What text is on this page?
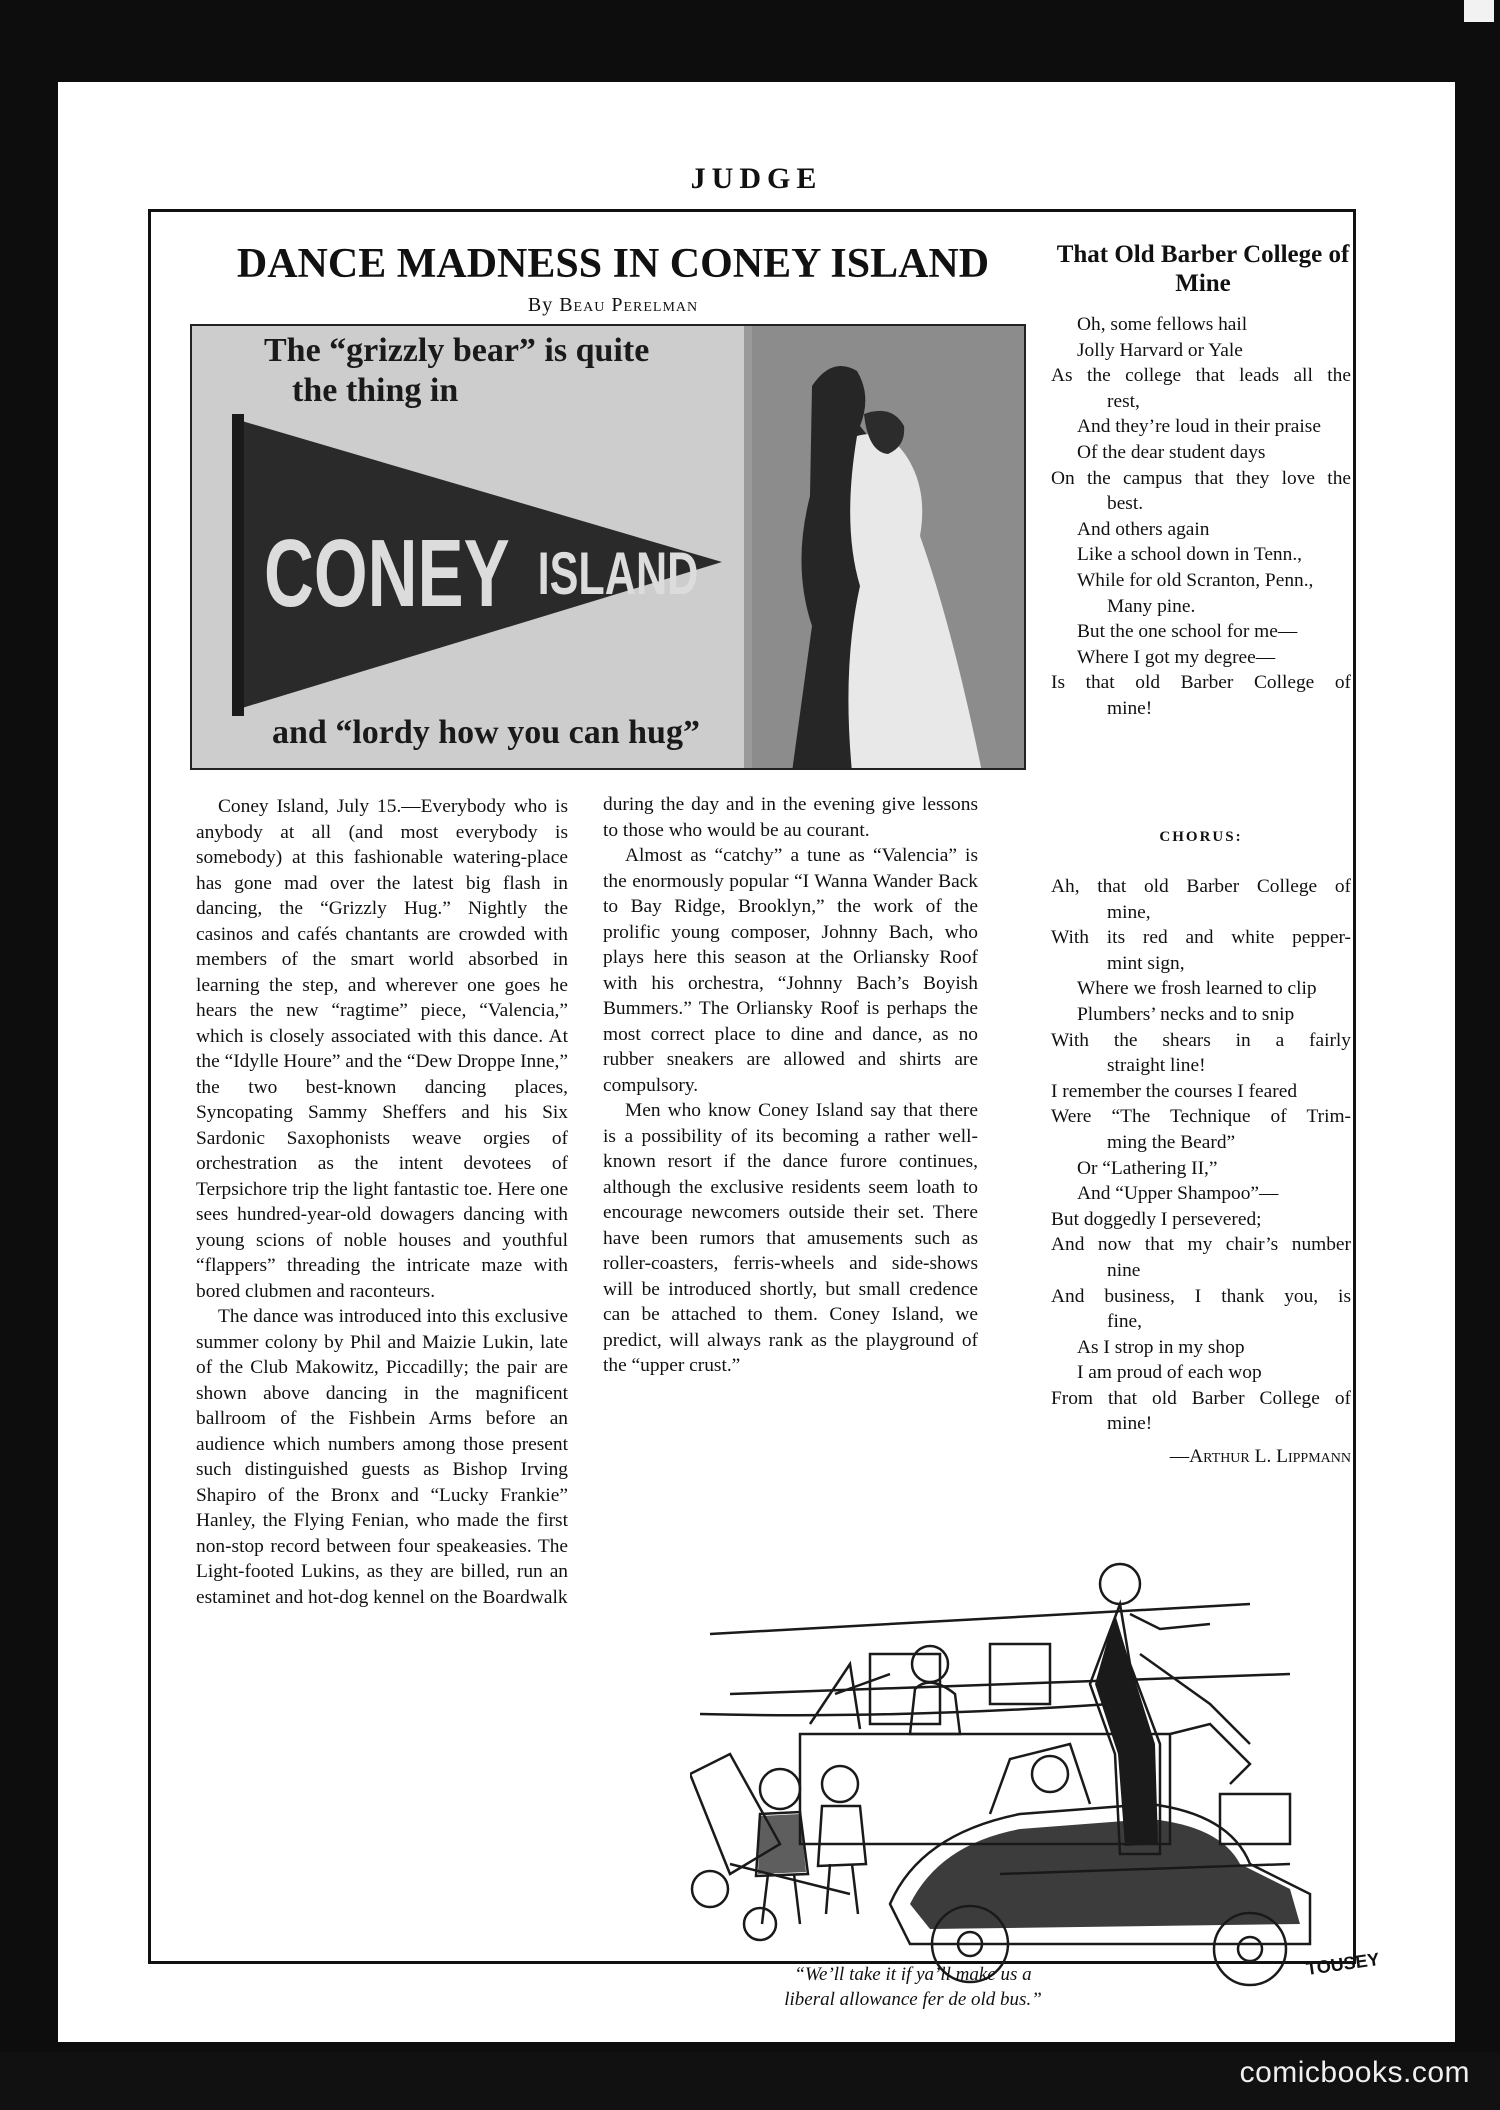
JUDGE
DANCE MADNESS IN CONEY ISLAND
By Beau Perelman
CONEY ISLAND
The “grizzly bear” is quite
the thing in
and “lordy how you can hug”

Coney Island, July 15.—Everybody who is anybody at all (and most everybody is somebody) at this fashionable watering-place has gone mad over the latest big flash in dancing, the “Grizzly Hug.” Nightly the casinos and cafés chantants are crowded with members of the smart world absorbed in learning the step, and wherever one goes he hears the new “ragtime” piece, “Valencia,” which is closely associated with this dance. At the “Idylle Houre” and the “Dew Droppe Inne,” the two best-known dancing places, Syncopating Sammy Sheffers and his Six Sardonic Saxophonists weave orgies of orchestration as the intent devotees of Terpsichore trip the light fantastic toe. Here one sees hundred-year-old dowagers dancing with young scions of noble houses and youthful “flappers” threading the intricate maze with bored clubmen and raconteurs.

The dance was introduced into this exclusive summer colony by Phil and Maizie Lukin, late of the Club Makowitz, Piccadilly; the pair are shown above dancing in the magnificent ballroom of the Fishbein Arms before an audience which numbers among those present such distinguished guests as Bishop Irving Shapiro of the Bronx and “Lucky Frankie” Hanley, the Flying Fenian, who made the first non-stop record between four speakeasies. The Light-footed Lukins, as they are billed, run an estaminet and hot-dog kennel on the Boardwalk

during the day and in the evening give lessons to those who would be au courant.

Almost as “catchy” a tune as “Valencia” is the enormously popular “I Wanna Wander Back to Bay Ridge, Brooklyn,” the work of the prolific young composer, Johnny Bach, who plays here this season at the Orliansky Roof with his orchestra, “Johnny Bach’s Boyish Bummers.” The Orliansky Roof is perhaps the most correct place to dine and dance, as no rubber sneakers are allowed and shirts are compulsory.

Men who know Coney Island say that there is a possibility of its becoming a rather well-known resort if the dance furore continues, although the exclusive residents seem loath to encourage newcomers outside their set. There have been rumors that amusements such as roller-coasters, ferris-wheels and side-shows will be introduced shortly, but small credence can be attached to them. Coney Island, we predict, will always rank as the playground of the “upper crust.”

That Old Barber College of Mine
Oh, some fellows hail
Jolly Harvard or Yale
As the college that leads all the
rest,
And they’re loud in their praise
Of the dear student days
On the campus that they love the
best.
And others again
Like a school down in Tenn.,
While for old Scranton, Penn.,
Many pine.
But the one school for me—
Where I got my degree—
Is that old Barber College of
mine!
CHORUS:
Ah, that old Barber College of
mine,
With its red and white pepper-
mint sign,
Where we frosh learned to clip
Plumbers’ necks and to snip
With the shears in a fairly
straight line!
I remember the courses I feared
Were “The Technique of Trim-
ming the Beard”
Or “Lathering II,”
And “Upper Shampoo”—
But doggedly I persevered;
And now that my chair’s number
nine
And business, I thank you, is
fine,
As I strop in my shop
I am proud of each wop
From that old Barber College of
mine!
—Arthur L. Lippmann
TOUSEY
“We’ll take it if ya’ll make us a
liberal allowance fer de old bus.”
8	comicbooks.com
